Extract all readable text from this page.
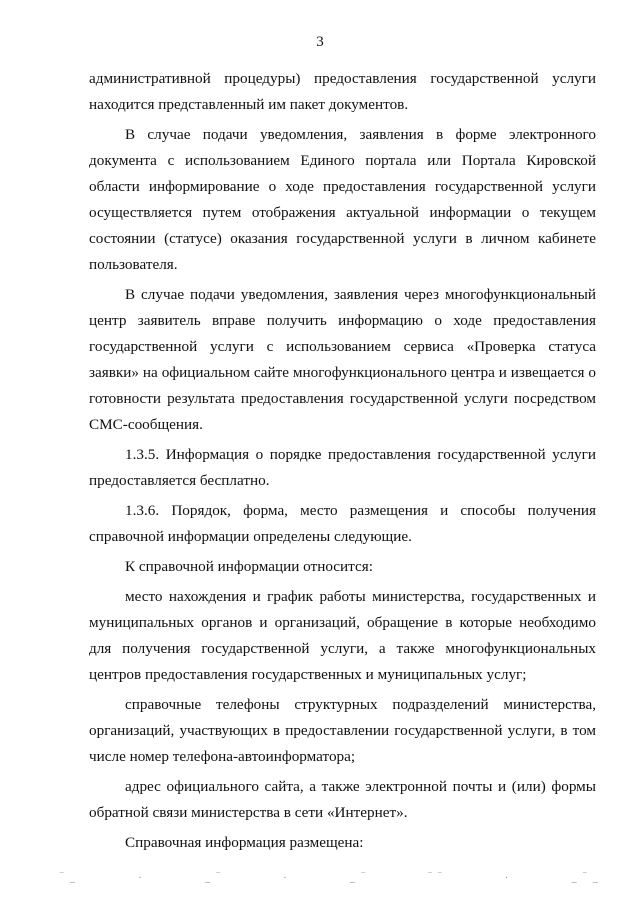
3

административной процедуры) предоставления государственной услуги находится представленный им пакет документов.

В случае подачи уведомления, заявления в форме электронного документа с использованием Единого портала или Портала Кировской области информирование о ходе предоставления государственной услуги осуществляется путем отображения актуальной информации о текущем состоянии (статусе) оказания государственной услуги в личном кабинете пользователя.

В случае подачи уведомления, заявления через многофункциональный центр заявитель вправе получить информацию о ходе предоставления государственной услуги с использованием сервиса «Проверка статуса заявки» на официальном сайте многофункционального центра и извещается о готовности результата предоставления государственной услуги посредством СМС-сообщения.

1.3.5. Информация о порядке предоставления государственной услуги предоставляется бесплатно.

1.3.6. Порядок, форма, место размещения и способы получения справочной информации определены следующие.

К справочной информации относится:

место нахождения и график работы министерства, государственных и муниципальных органов и организаций, обращение в которые необходимо для получения государственной услуги, а также многофункциональных центров предоставления государственных и муниципальных услуг;

справочные телефоны структурных подразделений министерства, организаций, участвующих в предоставлении государственной услуги, в том числе номер телефона-автоинформатора;

адрес официального сайта, а также электронной почты и (или) формы обратной связи министерства в сети «Интернет».

Справочная информация размещена:

‾ _	·	_ ‾	·	_ ‾	‾ ‾	·	_ ‾ _
